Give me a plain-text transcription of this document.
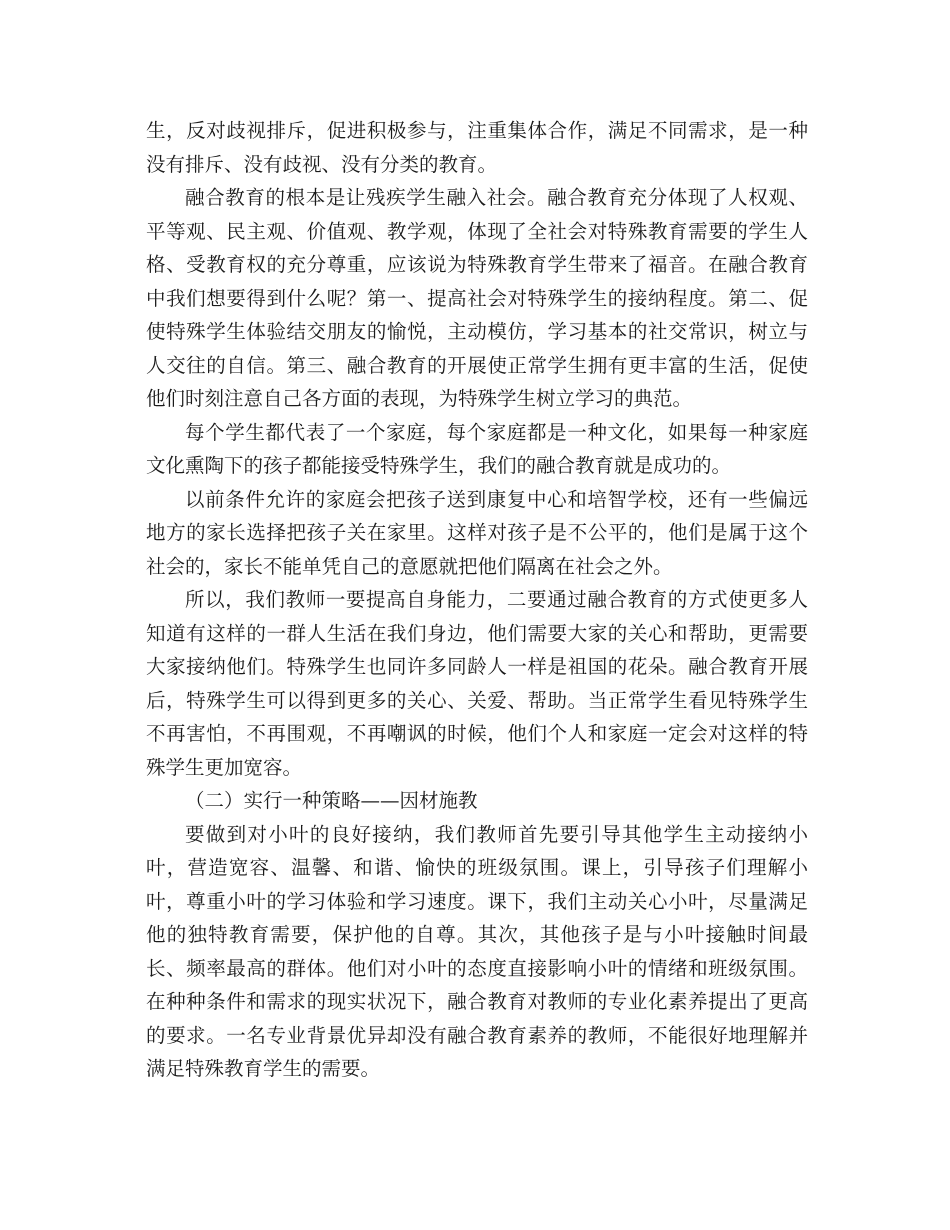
生，反对歧视排斥，促进积极参与，注重集体合作，满足不同需求，是一种没有排斥、没有歧视、没有分类的教育。

融合教育的根本是让残疾学生融入社会。融合教育充分体现了人权观、平等观、民主观、价值观、教学观，体现了全社会对特殊教育需要的学生人格、受教育权的充分尊重，应该说为特殊教育学生带来了福音。在融合教育中我们想要得到什么呢？第一、提高社会对特殊学生的接纳程度。第二、促使特殊学生体验结交朋友的愉悦，主动模仿，学习基本的社交常识，树立与人交往的自信。第三、融合教育的开展使正常学生拥有更丰富的生活，促使他们时刻注意自己各方面的表现，为特殊学生树立学习的典范。

每个学生都代表了一个家庭，每个家庭都是一种文化，如果每一种家庭文化熏陶下的孩子都能接受特殊学生，我们的融合教育就是成功的。

以前条件允许的家庭会把孩子送到康复中心和培智学校，还有一些偏远地方的家长选择把孩子关在家里。这样对孩子是不公平的，他们是属于这个社会的，家长不能单凭自己的意愿就把他们隔离在社会之外。

所以，我们教师一要提高自身能力，二要通过融合教育的方式使更多人知道有这样的一群人生活在我们身边，他们需要大家的关心和帮助，更需要大家接纳他们。特殊学生也同许多同龄人一样是祖国的花朵。融合教育开展后，特殊学生可以得到更多的关心、关爱、帮助。当正常学生看见特殊学生不再害怕，不再围观，不再嘲讽的时候，他们个人和家庭一定会对这样的特殊学生更加宽容。

（二）实行一种策略——因材施教

要做到对小叶的良好接纳，我们教师首先要引导其他学生主动接纳小叶，营造宽容、温馨、和谐、愉快的班级氛围。课上，引导孩子们理解小叶，尊重小叶的学习体验和学习速度。课下，我们主动关心小叶，尽量满足他的独特教育需要，保护他的自尊。其次，其他孩子是与小叶接触时间最长、频率最高的群体。他们对小叶的态度直接影响小叶的情绪和班级氛围。在种种条件和需求的现实状况下，融合教育对教师的专业化素养提出了更高的要求。一名专业背景优异却没有融合教育素养的教师，不能很好地理解并满足特殊教育学生的需要。
